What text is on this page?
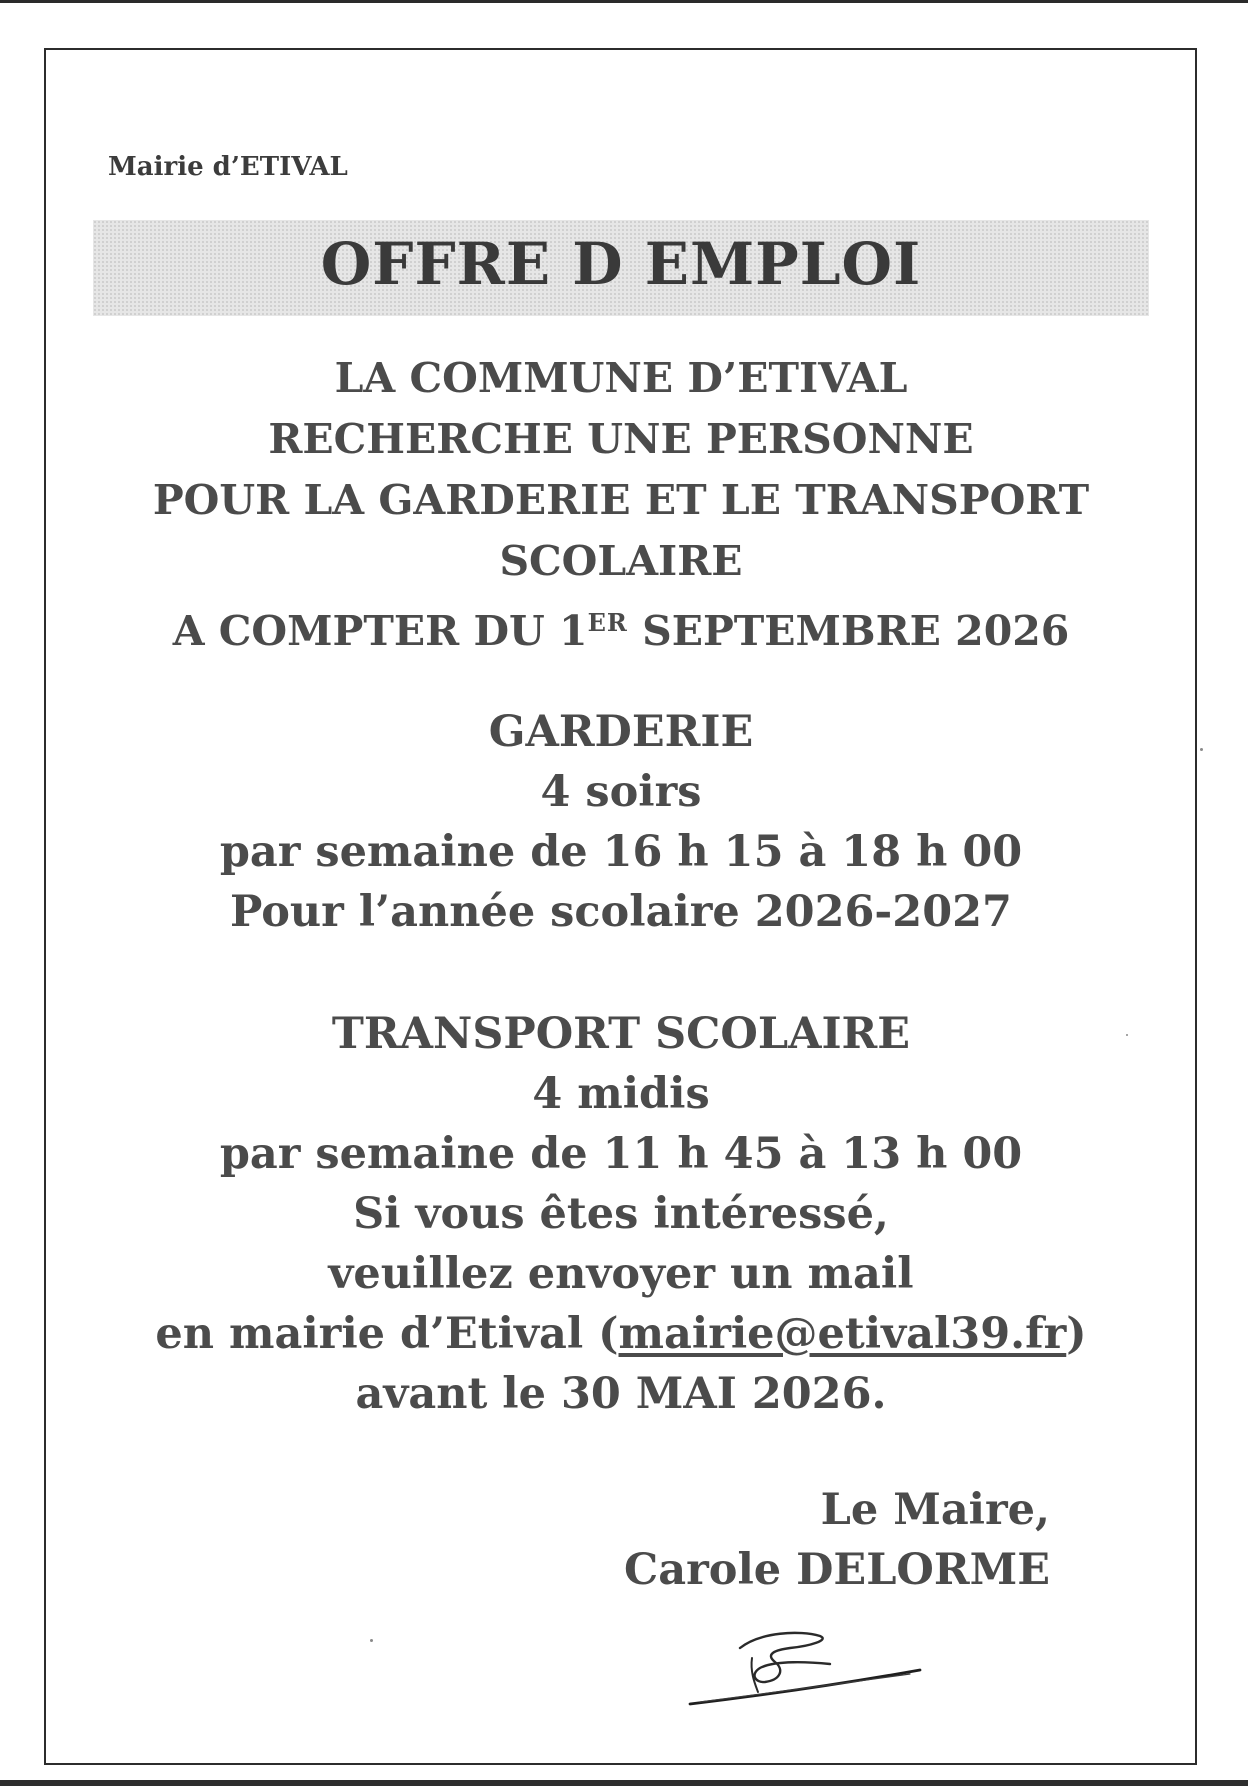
Mairie d’ETIVAL
OFFRE D EMPLOI
LA COMMUNE D’ETIVAL
RECHERCHE UNE PERSONNE
POUR LA GARDERIE ET LE TRANSPORT
SCOLAIRE
A COMPTER DU 1ER SEPTEMBRE 2026
GARDERIE
4 soirs
par semaine de 16 h 15 à 18 h 00
Pour l’année scolaire 2026-2027
TRANSPORT SCOLAIRE
4 midis
par semaine de 11 h 45 à 13 h 00
Si vous êtes intéressé,
veuillez envoyer un mail
en mairie d’Etival (mairie@etival39.fr)
avant le 30 MAI 2026.
Le Maire,
Carole DELORME
